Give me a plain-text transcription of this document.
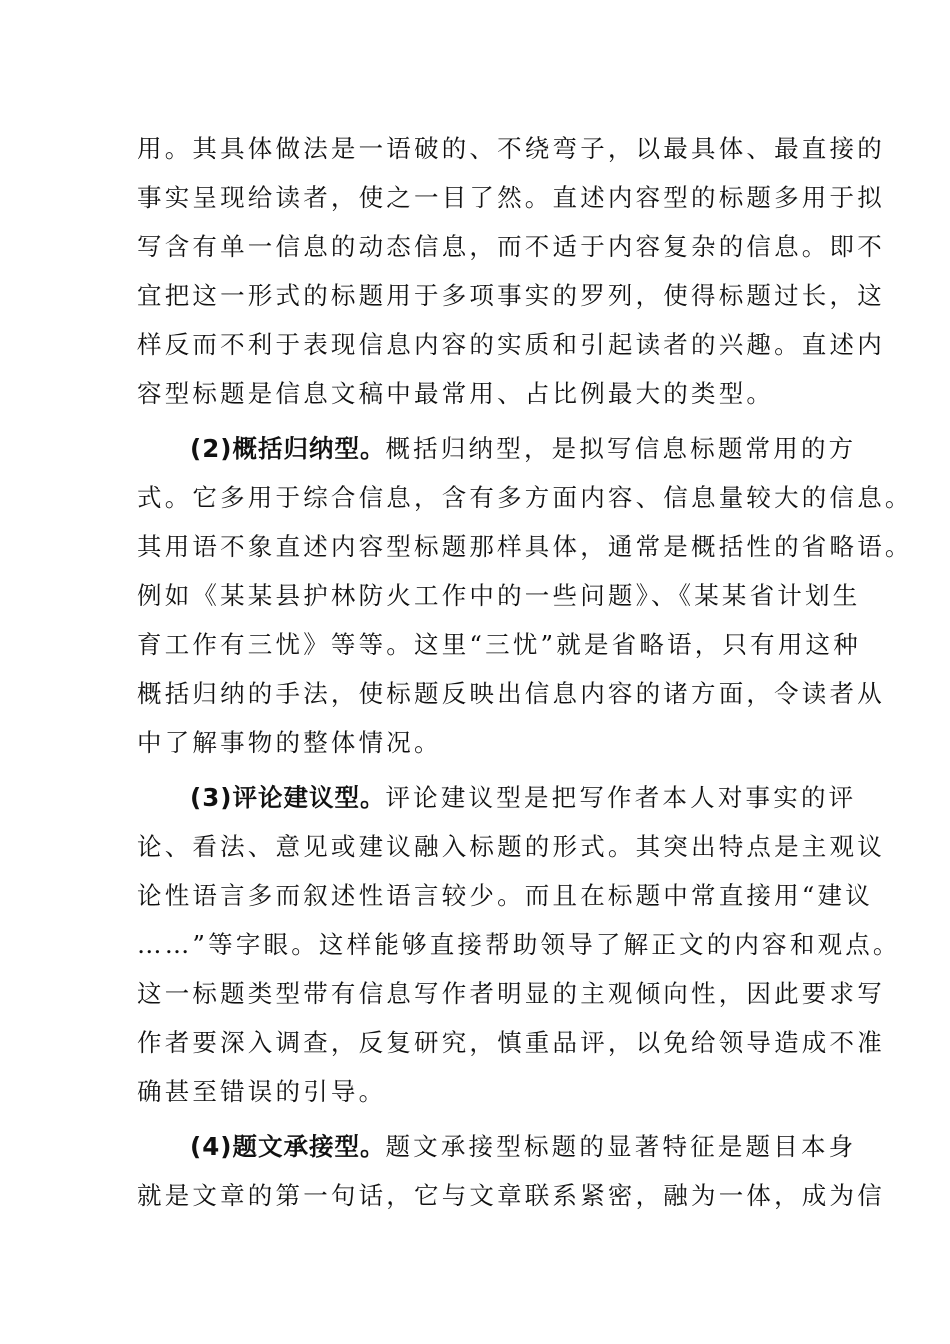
用。其具体做法是一语破的、不绕弯子，以最具体、最直接的
事实呈现给读者，使之一目了然。直述内容型的标题多用于拟
写含有单一信息的动态信息，而不适于内容复杂的信息。即不
宜把这一形式的标题用于多项事实的罗列，使得标题过长，这
样反而不利于表现信息内容的实质和引起读者的兴趣。直述内
容型标题是信息文稿中最常用、占比例最大的类型。
(2)概括归纳型。概括归纳型，是拟写信息标题常用的方
式。它多用于综合信息，含有多方面内容、信息量较大的信息。
其用语不象直述内容型标题那样具体，通常是概括性的省略语。
例如《某某县护林防火工作中的一些问题》、《某某省计划生
育工作有三忧》等等。这里“三忧”就是省略语，只有用这种
概括归纳的手法，使标题反映出信息内容的诸方面，令读者从
中了解事物的整体情况。
(3)评论建议型。评论建议型是把写作者本人对事实的评
论、看法、意见或建议融入标题的形式。其突出特点是主观议
论性语言多而叙述性语言较少。而且在标题中常直接用“建议
……”等字眼。这样能够直接帮助领导了解正文的内容和观点。
这一标题类型带有信息写作者明显的主观倾向性，因此要求写
作者要深入调查，反复研究，慎重品评，以免给领导造成不准
确甚至错误的引导。
(4)题文承接型。题文承接型标题的显著特征是题目本身
就是文章的第一句话，它与文章联系紧密，融为一体，成为信
